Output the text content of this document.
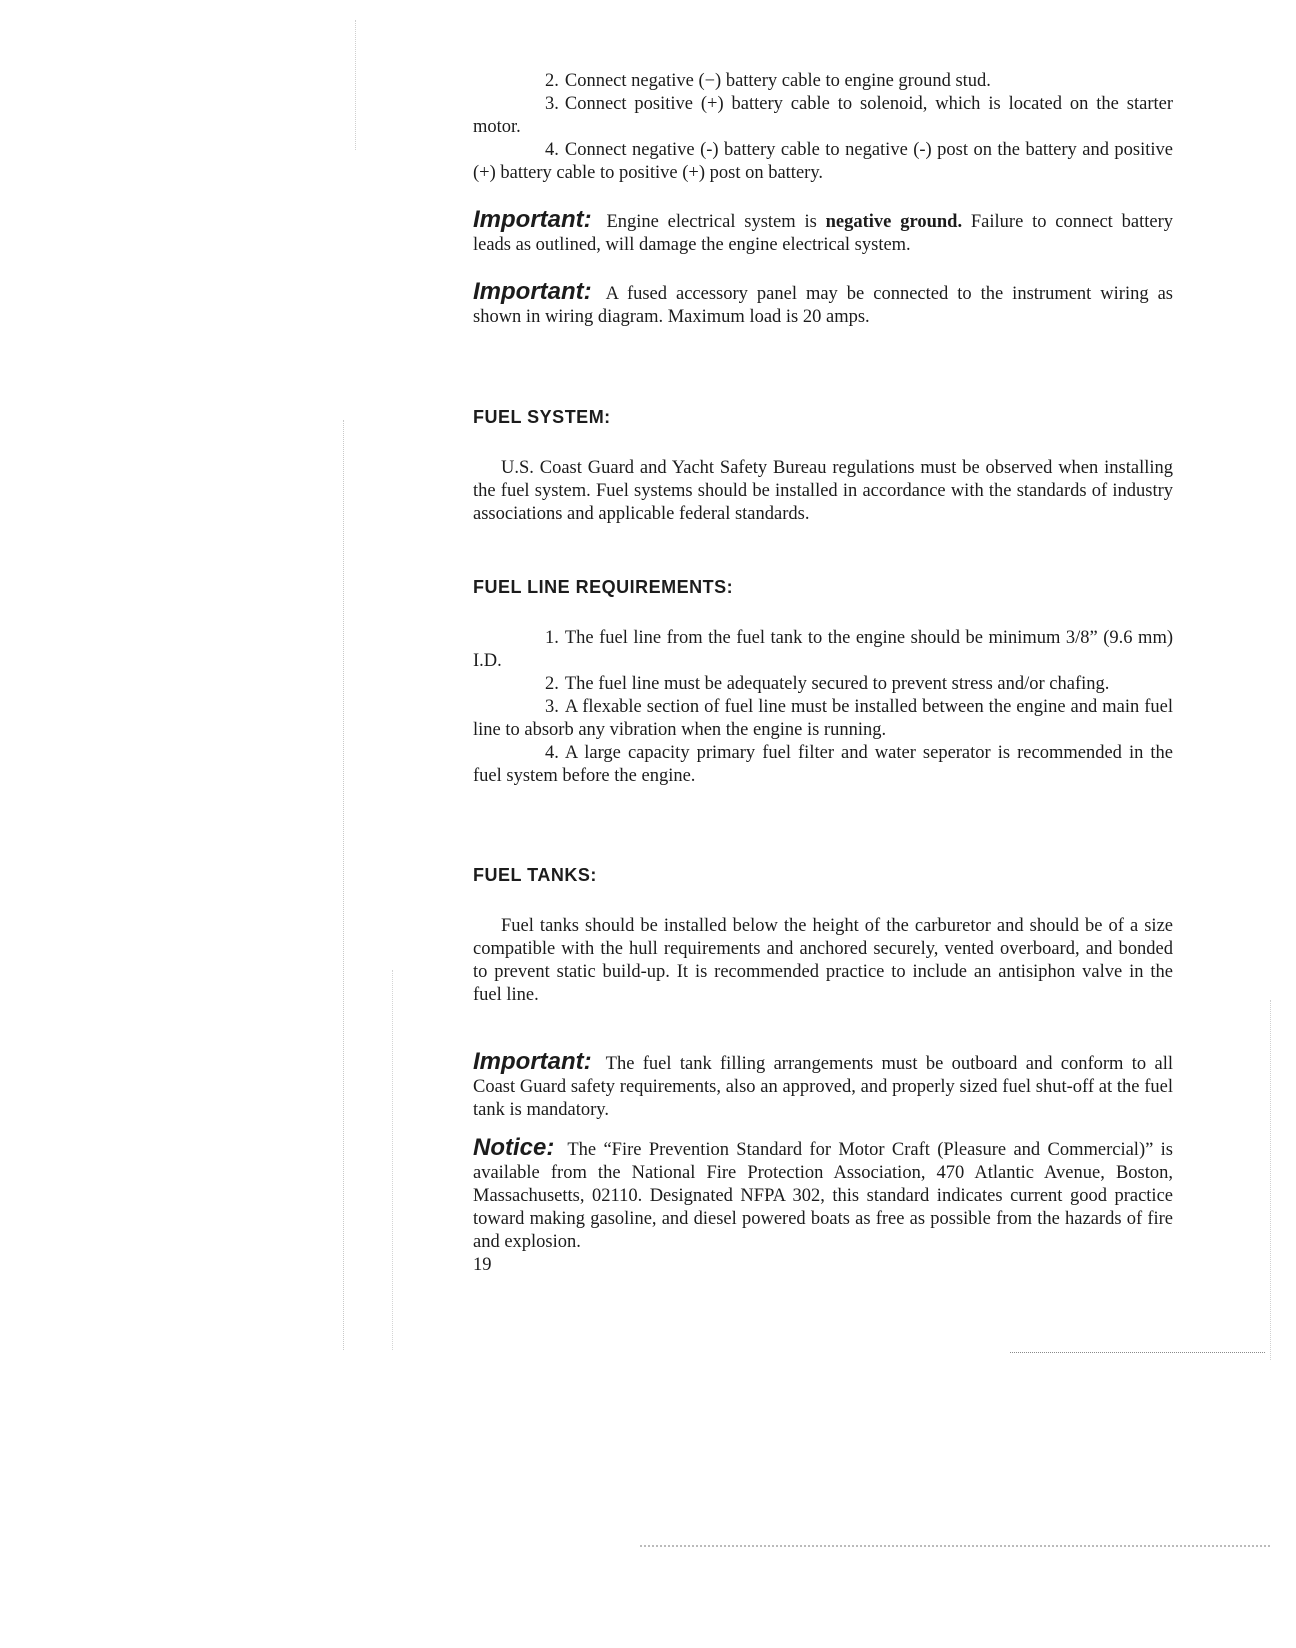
2. Connect negative (−) battery cable to engine ground stud.

3. Connect positive (+) battery cable to solenoid, which is located on the starter motor.

4. Connect negative (-) battery cable to negative (-) post on the battery and positive (+) battery cable to positive (+) post on battery.

Important: Engine electrical system is negative ground. Failure to connect battery leads as outlined, will damage the engine electrical system.

Important: A fused accessory panel may be connected to the instrument wiring as shown in wiring diagram. Maximum load is 20 amps.

FUEL SYSTEM:

U.S. Coast Guard and Yacht Safety Bureau regulations must be observed when installing the fuel system. Fuel systems should be installed in accordance with the standards of industry associations and applicable federal standards.

FUEL LINE REQUIREMENTS:

1. The fuel line from the fuel tank to the engine should be minimum 3/8” (9.6 mm) I.D.

2. The fuel line must be adequately secured to prevent stress and/or chafing.

3. A flexable section of fuel line must be installed between the engine and main fuel line to absorb any vibration when the engine is running.

4. A large capacity primary fuel filter and water seperator is recommended in the fuel system before the engine.

FUEL TANKS:

Fuel tanks should be installed below the height of the carburetor and should be of a size compatible with the hull requirements and anchored securely, vented overboard, and bonded to prevent static build-up. It is recommended practice to include an antisiphon valve in the fuel line.

Important: The fuel tank filling arrangements must be outboard and conform to all Coast Guard safety requirements, also an approved, and properly sized fuel shut-off at the fuel tank is mandatory.

Notice: The “Fire Prevention Standard for Motor Craft (Pleasure and Commercial)” is available from the National Fire Protection Association, 470 Atlantic Avenue, Boston, Massachusetts, 02110. Designated NFPA 302, this standard indicates current good practice toward making gasoline, and diesel powered boats as free as possible from the hazards of fire and explosion.

19
